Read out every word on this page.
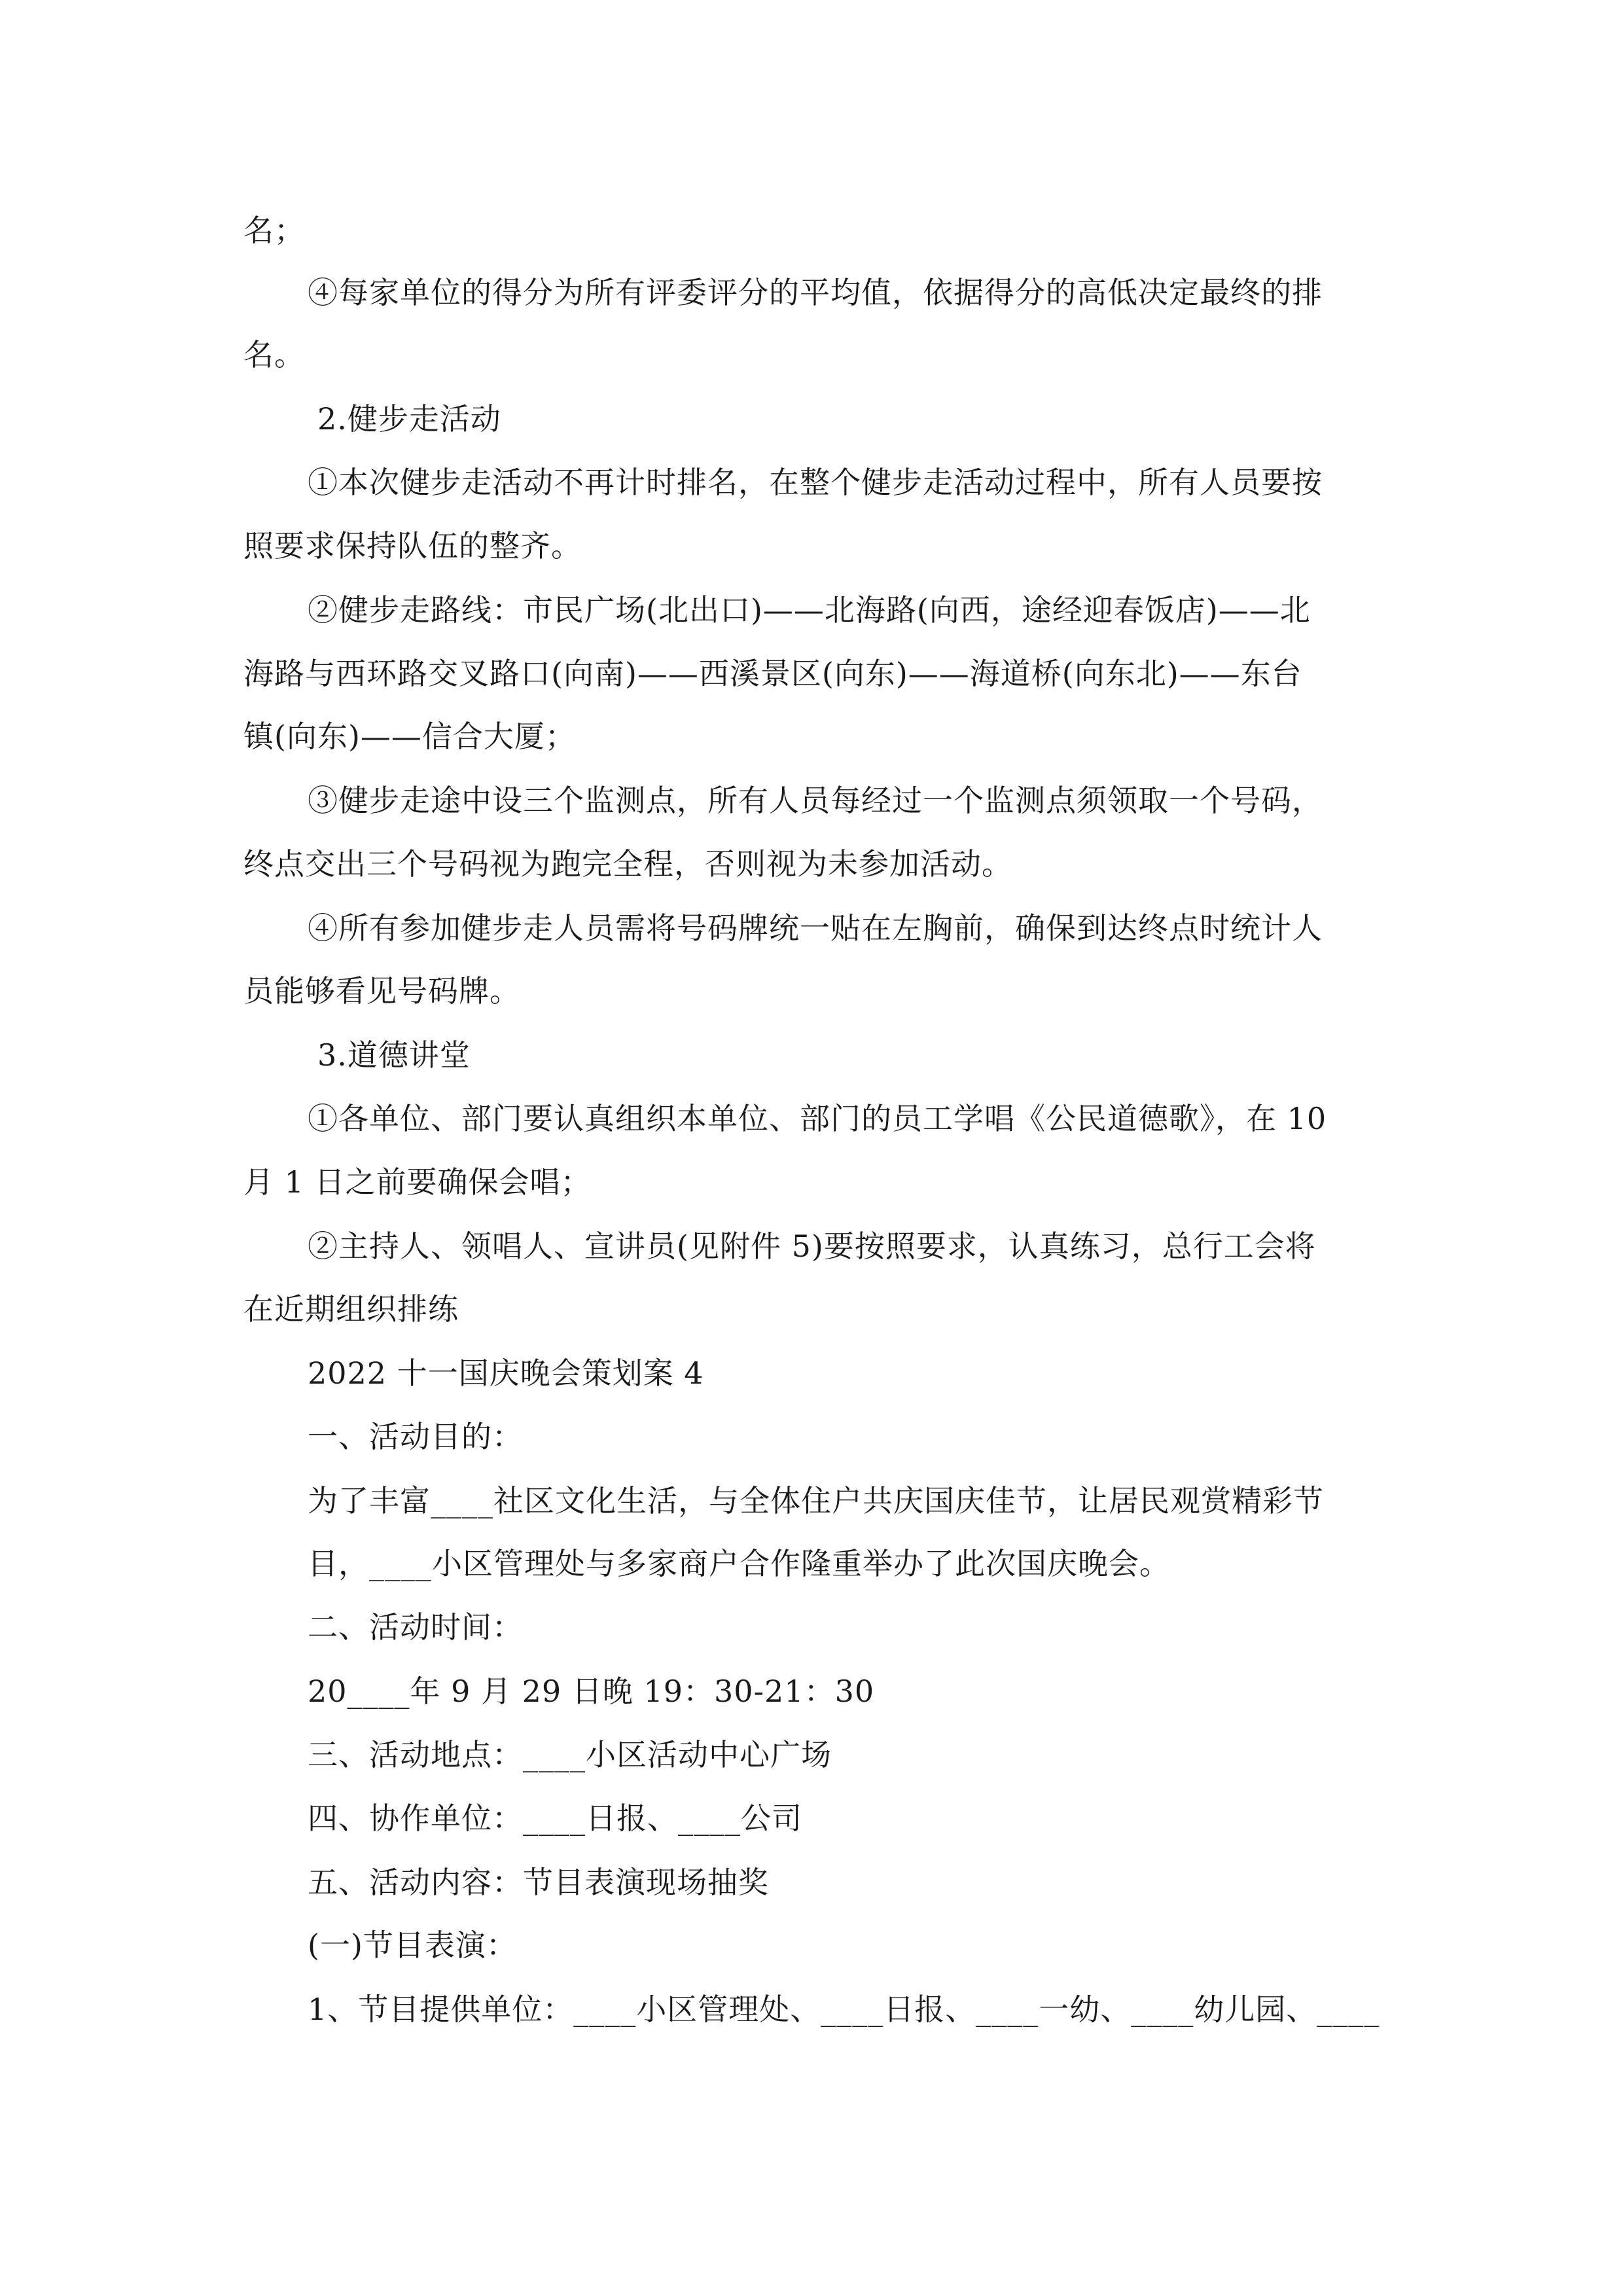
名；
④每家单位的得分为所有评委评分的平均值，依据得分的高低决定最终的排
名。
2.健步走活动
①本次健步走活动不再计时排名，在整个健步走活动过程中，所有人员要按
照要求保持队伍的整齐。
②健步走路线：市民广场(北出口)——北海路(向西，途经迎春饭店)——北
海路与西环路交叉路口(向南)——西溪景区(向东)——海道桥(向东北)——东台
镇(向东)——信合大厦；
③健步走途中设三个监测点，所有人员每经过一个监测点须领取一个号码，
终点交出三个号码视为跑完全程，否则视为未参加活动。
④所有参加健步走人员需将号码牌统一贴在左胸前，确保到达终点时统计人
员能够看见号码牌。
3.道德讲堂
①各单位、部门要认真组织本单位、部门的员工学唱《公民道德歌》，在 10
月 1 日之前要确保会唱；
②主持人、领唱人、宣讲员(见附件 5)要按照要求，认真练习，总行工会将
在近期组织排练
2022 十一国庆晚会策划案 4
一、活动目的：
为了丰富____社区文化生活，与全体住户共庆国庆佳节，让居民观赏精彩节
目，____小区管理处与多家商户合作隆重举办了此次国庆晚会。
二、活动时间：
20____年 9 月 29 日晚 19：30-21：30
三、活动地点：____小区活动中心广场
四、协作单位：____日报、____公司
五、活动内容：节目表演现场抽奖
(一)节目表演：
1、节目提供单位：____小区管理处、____日报、____一幼、____幼儿园、____
